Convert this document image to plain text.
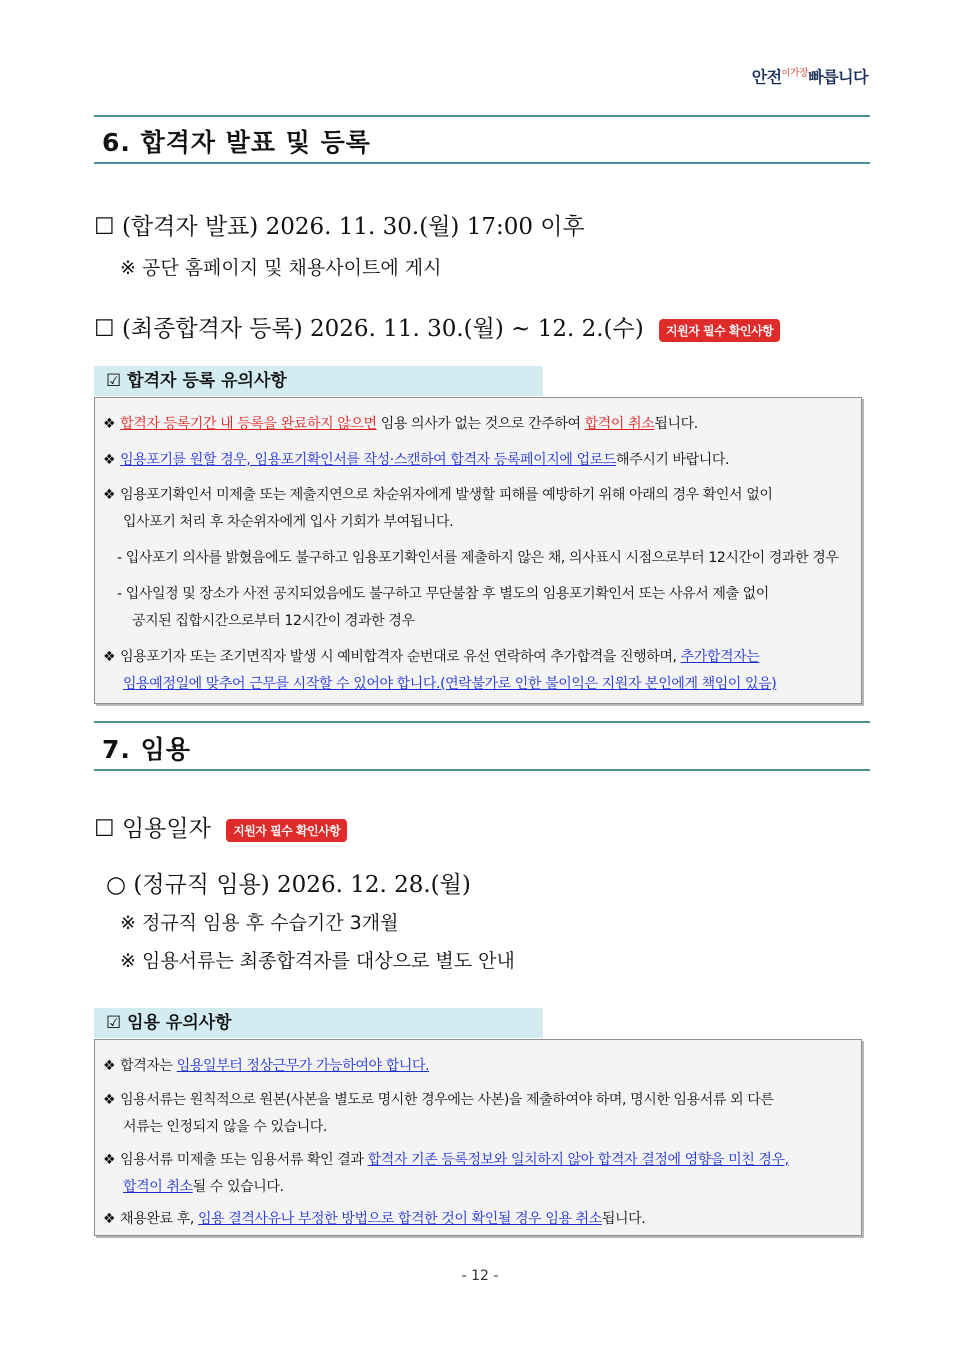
안전$^{이가장}$빠릅니다
6. 합격자 발표 및 등록
☐ (합격자 발표) 2026. 11. 30.(월) 17:00 이후
※ 공단 홈페이지 및 채용사이트에 게시
☐ (최종합격자 등록) 2026. 11. 30.(월) ~ 12. 2.(수) 지원자 필수 확인사항
☑ 합격자 등록 유의사항
❖ 합격자 등록기간 내 등록을 완료하지 않으면 임용 의사가 없는 것으로 간주하여 합격이 취소됩니다.
❖ 임용포기를 원할 경우, 임용포기확인서를 작성·스캔하여 합격자 등록페이지에 업로드해주시기 바랍니다.
❖ 임용포기확인서 미제출 또는 제출지연으로 차순위자에게 발생할 피해를 예방하기 위해 아래의 경우 확인서 없이
입사포기 처리 후 차순위자에게 입사 기회가 부여됩니다.
- 입사포기 의사를 밝혔음에도 불구하고 임용포기확인서를 제출하지 않은 채, 의사표시 시점으로부터 12시간이 경과한 경우
- 입사일정 및 장소가 사전 공지되었음에도 불구하고 무단불참 후 별도의 임용포기확인서 또는 사유서 제출 없이
공지된 집합시간으로부터 12시간이 경과한 경우
❖ 임용포기자 또는 조기면직자 발생 시 예비합격자 순번대로 유선 연락하여 추가합격을 진행하며, 추가합격자는
임용예정일에 맞추어 근무를 시작할 수 있어야 합니다.(연락불가로 인한 불이익은 지원자 본인에게 책임이 있음)
7. 임용
☐ 임용일자 지원자 필수 확인사항
○ (정규직 임용) 2026. 12. 28.(월)
※ 정규직 임용 후 수습기간 3개월
※ 임용서류는 최종합격자를 대상으로 별도 안내
☑ 임용 유의사항
❖ 합격자는 임용일부터 정상근무가 가능하여야 합니다.
❖ 임용서류는 원칙적으로 원본(사본을 별도로 명시한 경우에는 사본)을 제출하여야 하며, 명시한 임용서류 외 다른
서류는 인정되지 않을 수 있습니다.
❖ 임용서류 미제출 또는 임용서류 확인 결과 합격자 기존 등록정보와 일치하지 않아 합격자 결정에 영향을 미친 경우,
합격이 취소될 수 있습니다.
❖ 채용완료 후, 임용 결격사유나 부정한 방법으로 합격한 것이 확인될 경우 임용 취소됩니다.
- 12 -
